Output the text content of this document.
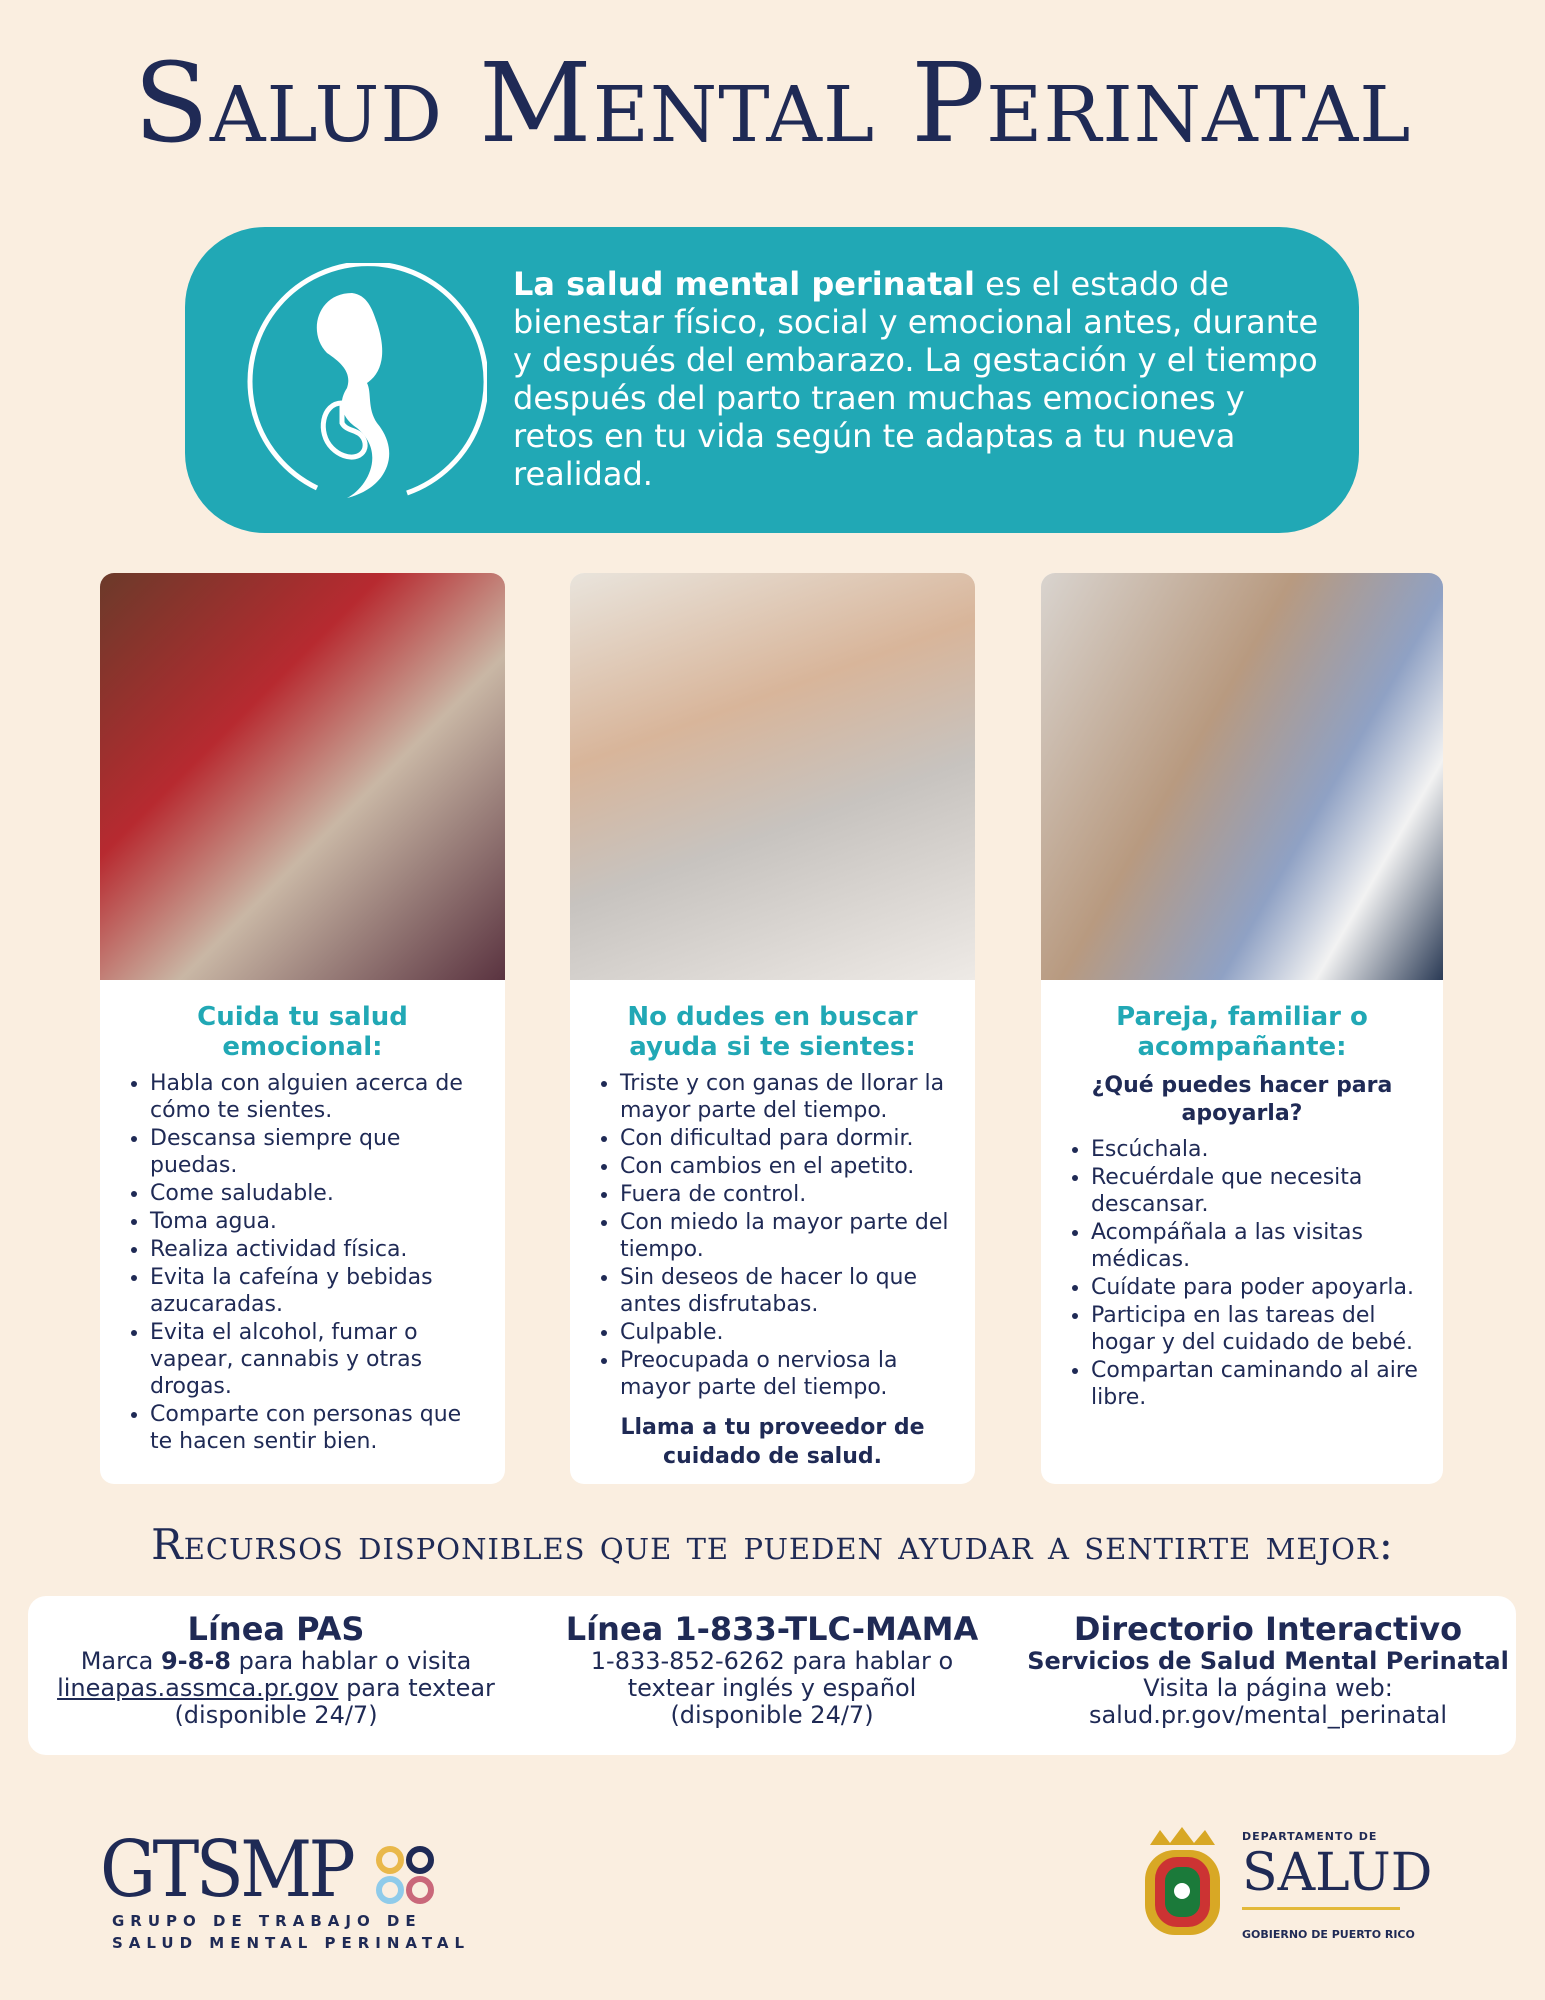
Salud Mental Perinatal

La salud mental perinatal es el estado de bienestar físico, social y emocional antes, durante y después del embarazo. La gestación y el tiempo después del parto traen muchas emociones y retos en tu vida según te adaptas a tu nueva realidad.

Cuida tu salud emocional:
• Habla con alguien acerca de cómo te sientes.
• Descansa siempre que puedas.
• Come saludable.
• Toma agua.
• Realiza actividad física.
• Evita la cafeína y bebidas azucaradas.
• Evita el alcohol, fumar o vapear, cannabis y otras drogas.
• Comparte con personas que te hacen sentir bien.
No dudes en buscar ayuda si te sientes:
• Triste y con ganas de llorar la mayor parte del tiempo.
• Con dificultad para dormir.
• Con cambios en el apetito.
• Fuera de control.
• Con miedo la mayor parte del tiempo.
• Sin deseos de hacer lo que antes disfrutabas.
• Culpable.
• Preocupada o nerviosa la mayor parte del tiempo.
Llama a tu proveedor de cuidado de salud.
Pareja, familiar o acompañante:
¿Qué puedes hacer para apoyarla?
• Escúchala.
• Recuérdale que necesita descansar.
• Acompáñala a las visitas médicas.
• Cuídate para poder apoyarla.
• Participa en las tareas del hogar y del cuidado de bebé.
• Compartan caminando al aire libre.
Recursos disponibles que te pueden ayudar a sentirte mejor:
Línea PAS
Marca 9-8-8 para hablar o visita lineapas.assmca.pr.gov para textear (disponible 24/7)
Línea 1-833-TLC-MAMA
1-833-852-6262 para hablar o textear inglés y español (disponible 24/7)
Directorio Interactivo
Servicios de Salud Mental Perinatal
Visita la página web:
salud.pr.gov/mental_perinatal
GTSMP
GRUPO DE TRABAJO DE
SALUD MENTAL PERINATAL
DEPARTAMENTO DE
SALUD
GOBIERNO DE PUERTO RICO
